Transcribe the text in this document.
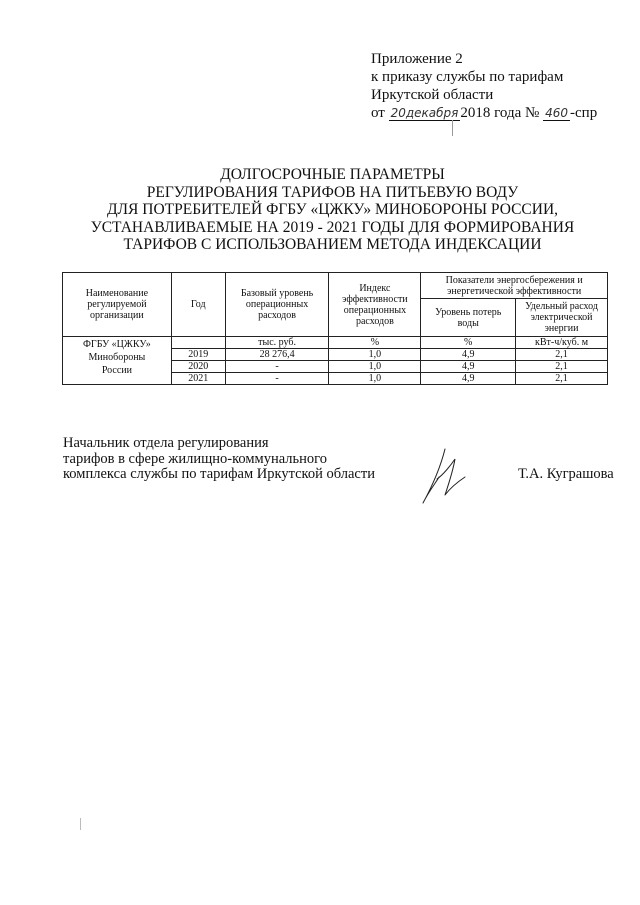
Приложение 2
к приказу службы по тарифам
Иркутской области
от 20декабря 2018 года № 460 -спр
ДОЛГОСРОЧНЫЕ ПАРАМЕТРЫ
РЕГУЛИРОВАНИЯ ТАРИФОВ НА ПИТЬЕВУЮ ВОДУ
ДЛЯ ПОТРЕБИТЕЛЕЙ ФГБУ «ЦЖКУ» МИНОБОРОНЫ РОССИИ,
УСТАНАВЛИВАЕМЫЕ НА 2019 - 2021 ГОДЫ ДЛЯ ФОРМИРОВАНИЯ
ТАРИФОВ С ИСПОЛЬЗОВАНИЕМ МЕТОДА ИНДЕКСАЦИИ
Наименование регулируемой организации	Год	Базовый уровень операционных расходов	Индекс эффективности операционных расходов	Показатели энергосбережения и энергетической эффективности	
				Уровень потерь воды	Удельный расход электрической энергии

ФГБУ «ЦЖКУ»
Минобороны
России		тыс. руб.	%	%	кВт-ч/куб. м
	2019	28 276,4	1,0	4,9	2,1
	2020	-	1,0	4,9	2,1
	2021	-	1,0	4,9	2,1
Начальник отдела регулирования
тарифов в сфере жилищно-коммунального
комплекса службы по тарифам Иркутской области	Т.А. Куграшова
